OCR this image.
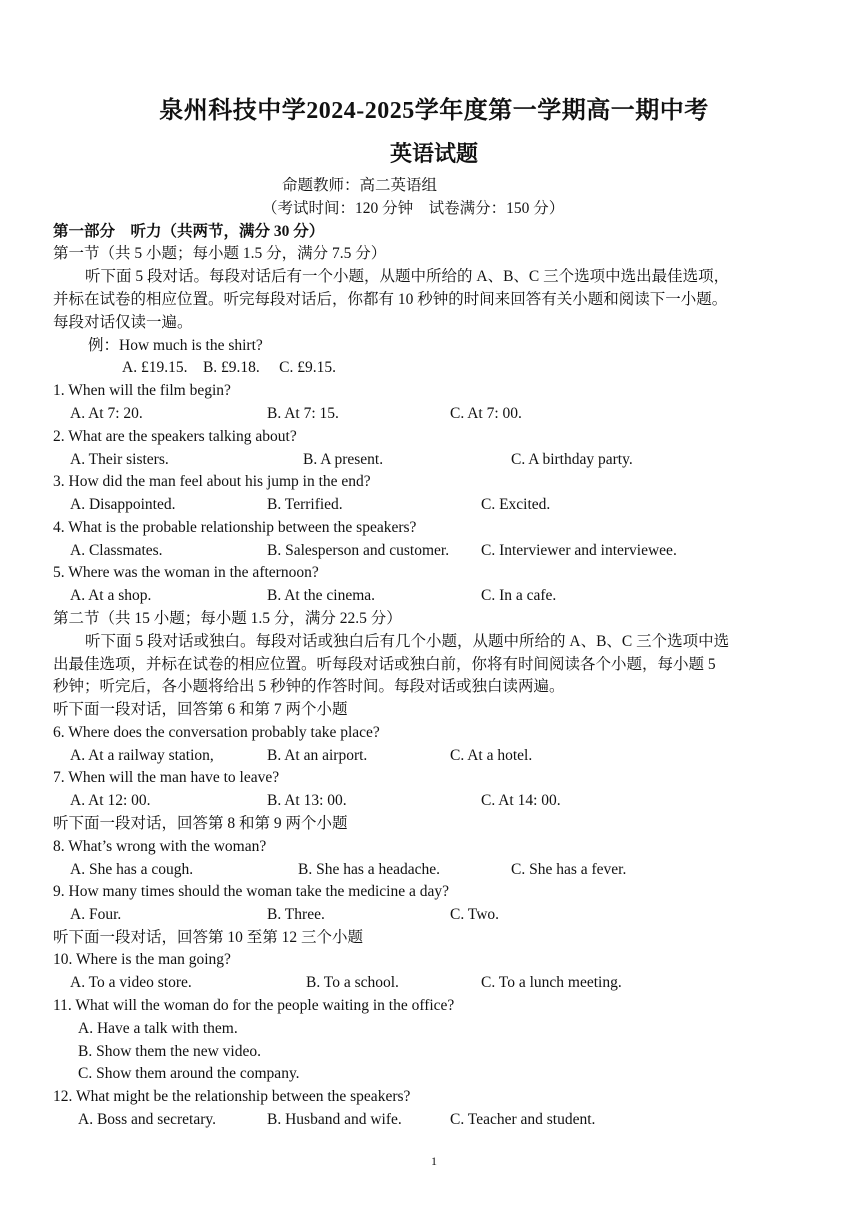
泉州科技中学2024-2025学年度第一学期高一期中考
英语试题
命题教师：高二英语组
（考试时间：120 分钟　试卷满分：150 分）
第一部分　听力（共两节，满分 30 分）
第一节（共 5 小题；每小题 1.5 分，满分 7.5 分）
听下面 5 段对话。每段对话后有一个小题，从题中所给的 A、B、C 三个选项中选出最佳选项，
并标在试卷的相应位置。听完每段对话后，你都有 10 秒钟的时间来回答有关小题和阅读下一小题。
每段对话仅读一遍。
例：How much is the shirt?
A. £19.15.　B. £9.18.　 C. £9.15.
1. When will the film begin?
A. At 7: 20.	B. At 7: 15.	C. At 7: 00.
2. What are the speakers talking about?
A. Their sisters.	B. A present.	C. A birthday party.
3. How did the man feel about his jump in the end?
A. Disappointed.	B. Terrified.	C. Excited.
4. What is the probable relationship between the speakers?
A. Classmates.	B. Salesperson and customer. C. Interviewer and interviewee.
5. Where was the woman in the afternoon?
A. At a shop.	B. At the cinema.	C. In a cafe.
第二节（共 15 小题；每小题 1.5 分，满分 22.5 分）
听下面 5 段对话或独白。每段对话或独白后有几个小题，从题中所给的 A、B、C 三个选项中选
出最佳选项，并标在试卷的相应位置。听每段对话或独白前，你将有时间阅读各个小题，每小题 5
秒钟；听完后，各小题将给出 5 秒钟的作答时间。每段对话或独白读两遍。
听下面一段对话，回答第 6 和第 7 两个小题
6. Where does the conversation probably take place?
A. At a railway station,	B. At an airport.	C. At a hotel.
7. When will the man have to leave?
A. At 12: 00.	B. At 13: 00.	C. At 14: 00.
听下面一段对话，回答第 8 和第 9 两个小题
8. What’s wrong with the woman?
A. She has a cough.	B. She has a headache.	C. She has a fever.
9. How many times should the woman take the medicine a day?
A. Four.	B. Three.	C. Two.
听下面一段对话，回答第 10 至第 12 三个小题
10. Where is the man going?
A. To a video store.	B. To a school.	C. To a lunch meeting.
11. What will the woman do for the people waiting in the office?
A. Have a talk with them.
B. Show them the new video.
C. Show them around the company.
12. What might be the relationship between the speakers?
A. Boss and secretary.	B. Husband and wife.	C. Teacher and student.
1
